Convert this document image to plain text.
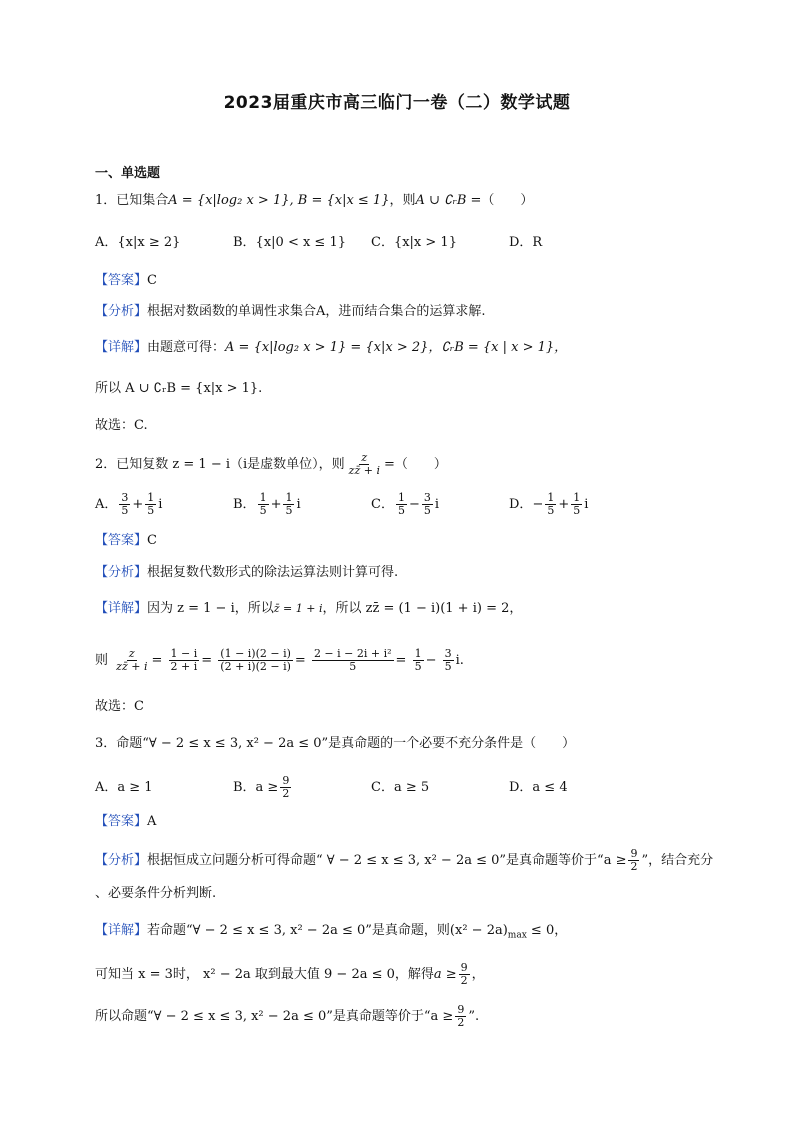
2023届重庆市高三临门一卷（二）数学试题
一、单选题
1．已知集合A = {x|log₂ x > 1}, B = {x|x ≤ 1}，则A ∪ ∁ᵣB =（　　）
A．{x|x ≥ 2}	B．{x|0 < x ≤ 1} C．{x|x > 1}	D．R
【答案】C
【分析】根据对数函数的单调性求集合A，进而结合集合的运算求解.
【详解】由题意可得：A = {x|log₂ x > 1} = {x|x > 2}，∁ᵣB = {x | x > 1}，
所以 A ∪ ∁ᵣB = {x|x > 1}.
故选：C.
2．已知复数 z = 1 − i（i是虚数单位），则 $\frac{z}{zz̄ + i}$ =（　　）
A． $\frac{3}{5} + \frac{1}{5}$ i	B． $\frac{1}{5} + \frac{1}{5}$ i	C． $\frac{1}{5} - \frac{3}{5}$ i	D．− $\frac{1}{5} + \frac{1}{5}$ i
【答案】C
【分析】根据复数代数形式的除法运算法则计算可得.
【详解】因为 z = 1 − i，所以z̄ = 1 + i，所以 zz̄ = (1 − i)(1 + i) = 2，
则 $\frac{z}{zz̄ + i} = \frac{1 - i}{2 + i} = \frac{(1 - i)(2 - i)}{(2 + i)(2 - i)} = \frac{\text{2 − i − 2i + i²}}{5} = \frac{1}{5} - \frac{3}{5} i$.
故选：C
3．命题“∀ − 2 ≤ x ≤ 3, x² − 2a ≤ 0”是真命题的一个必要不充分条件是（　　）
A．a ≥ 1	B．$a \ge \frac{9}{2}$	C．a ≥ 5	D．a ≤ 4
【答案】A
【分析】根据恒成立问题分析可得命题“ ∀ − 2 ≤ x ≤ 3, x² − 2a ≤ 0”是真命题等价于“$a \ge \frac{9}{2}$ ”，结合充分
、必要条件分析判断.
【详解】若命题“∀ − 2 ≤ x ≤ 3, x² − 2a ≤ 0”是真命题，则$(x^2 - 2a)_{max} \le 0$，
可知当 x = 3时， x² − 2a 取到最大值 9 − 2a ≤ 0，解得$a \ge \frac{9}{2}$ ，
所以命题“∀ − 2 ≤ x ≤ 3, x² − 2a ≤ 0”是真命题等价于“$a \ge \frac{9}{2}$ ”.
